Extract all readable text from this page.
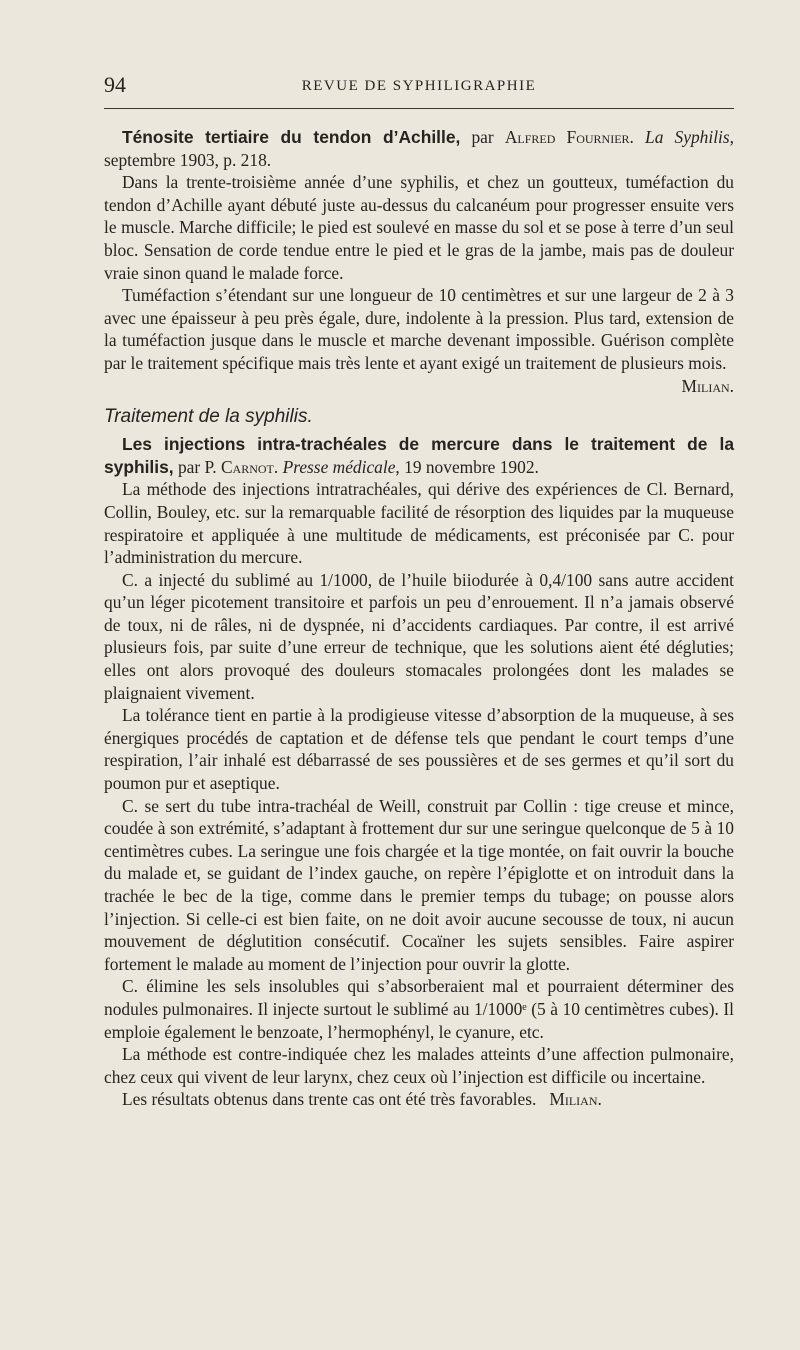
94	REVUE DE SYPHILIGRAPHIE

Ténosite tertiaire du tendon d’Achille, par Alfred Fournier. La Syphilis, septembre 1903, p. 218.

Dans la trente-troisième année d’une syphilis, et chez un goutteux, tuméfaction du tendon d’Achille ayant débuté juste au-dessus du calcanéum pour progresser ensuite vers le muscle. Marche difficile; le pied est soulevé en masse du sol et se pose à terre d’un seul bloc. Sensation de corde tendue entre le pied et le gras de la jambe, mais pas de douleur vraie sinon quand le malade force.

Tuméfaction s’étendant sur une longueur de 10 centimètres et sur une largeur de 2 à 3 avec une épaisseur à peu près égale, dure, indolente à la pression. Plus tard, extension de la tuméfaction jusque dans le muscle et marche devenant impossible. Guérison complète par le traitement spécifique mais très lente et ayant exigé un traitement de plusieurs mois.
Milian.

Traitement de la syphilis.

Les injections intra-trachéales de mercure dans le traitement de la syphilis, par P. Carnot. Presse médicale, 19 novembre 1902.

La méthode des injections intratrachéales, qui dérive des expériences de Cl. Bernard, Collin, Bouley, etc. sur la remarquable facilité de résorption des liquides par la muqueuse respiratoire et appliquée à une multitude de médicaments, est préconisée par C. pour l’administration du mercure.

C. a injecté du sublimé au 1/1000, de l’huile biiodurée à 0,4/100 sans autre accident qu’un léger picotement transitoire et parfois un peu d’enrouement. Il n’a jamais observé de toux, ni de râles, ni de dyspnée, ni d’accidents cardiaques. Par contre, il est arrivé plusieurs fois, par suite d’une erreur de technique, que les solutions aient été dégluties; elles ont alors provoqué des douleurs stomacales prolongées dont les malades se plaignaient vivement.

La tolérance tient en partie à la prodigieuse vitesse d’absorption de la muqueuse, à ses énergiques procédés de captation et de défense tels que pendant le court temps d’une respiration, l’air inhalé est débarrassé de ses poussières et de ses germes et qu’il sort du poumon pur et aseptique.

C. se sert du tube intra-trachéal de Weill, construit par Collin : tige creuse et mince, coudée à son extrémité, s’adaptant à frottement dur sur une seringue quelconque de 5 à 10 centimètres cubes. La seringue une fois chargée et la tige montée, on fait ouvrir la bouche du malade et, se guidant de l’index gauche, on repère l’épiglotte et on introduit dans la trachée le bec de la tige, comme dans le premier temps du tubage; on pousse alors l’injection. Si celle-ci est bien faite, on ne doit avoir aucune secousse de toux, ni aucun mouvement de déglutition consécutif. Cocaïner les sujets sensibles. Faire aspirer fortement le malade au moment de l’injection pour ouvrir la glotte.

C. élimine les sels insolubles qui s’absorberaient mal et pourraient déterminer des nodules pulmonaires. Il injecte surtout le sublimé au 1/1000ᵉ (5 à 10 centimètres cubes). Il emploie également le benzoate, l’hermophényl, le cyanure, etc.

La méthode est contre-indiquée chez les malades atteints d’une affection pulmonaire, chez ceux qui vivent de leur larynx, chez ceux où l’injection est difficile ou incertaine.

Les résultats obtenus dans trente cas ont été très favorables. Milian.
